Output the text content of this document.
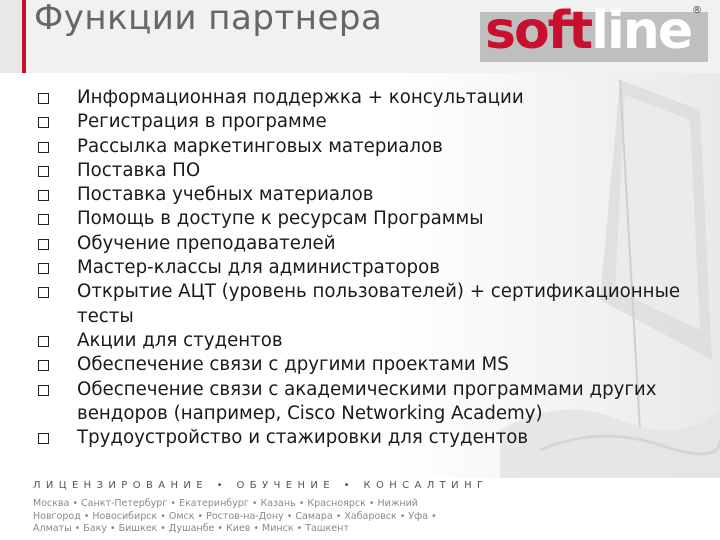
Функции партнера
Информационная поддержка + консультации
Регистрация в программе
Рассылка маркетинговых материалов
Поставка ПО
Поставка учебных материалов
Помощь в доступе к ресурсам Программы
Обучение преподавателей
Мастер-классы для администраторов
Открытие АЦТ (уровень пользователей) + сертификационные тесты
Акции для студентов
Обеспечение связи с другими проектами MS
Обеспечение связи с академическими программами других вендоров (например, Cisco Networking Academy)
Трудоустройство и стажировки для студентов
ЛИЦЕНЗИРОВАНИЕ • ОБУЧЕНИЕ • КОНСАЛТИНГ
Москва • Санкт-Петербург • Екатеринбург • Казань • Красноярск • Нижний Новгород • Новосибирск • Омск • Ростов-на-Дону • Самара • Хабаровск • Уфа • Алматы • Баку • Бишкек • Душанбе • Киев • Минск • Ташкент
softline ®
